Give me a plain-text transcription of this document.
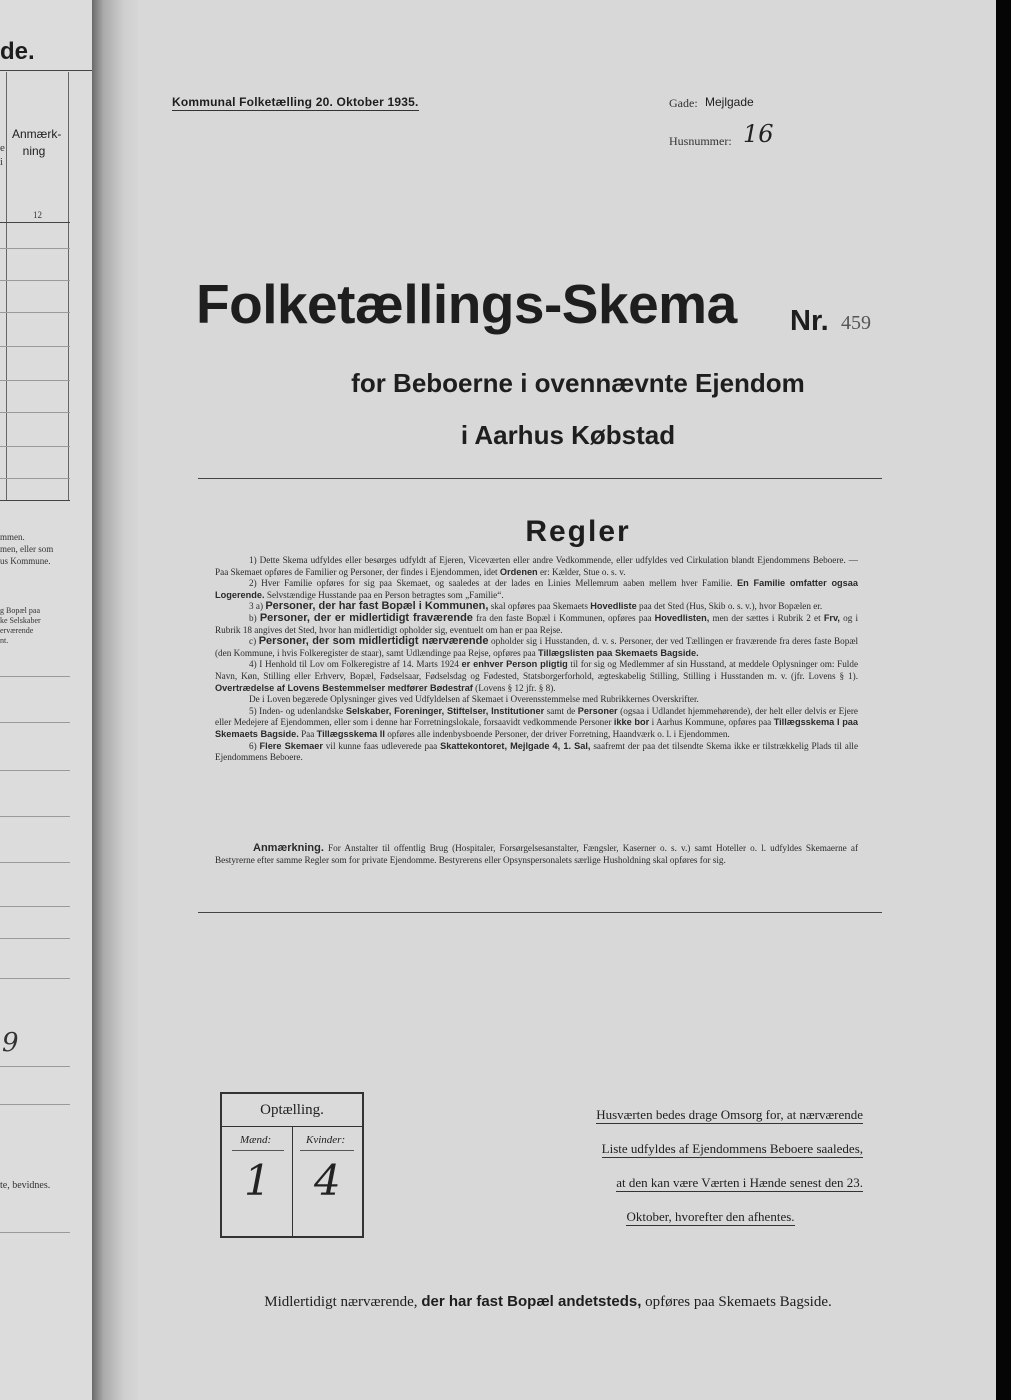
de.
e
i
Anmærk-
ning
12
mmen.
men, eller som
us Kommune.
g Bopæl paa
ke Selskaber
erværende
nt.
9
te, bevidnes.
Kommunal Folketælling 20. Oktober 1935.	Gade: Mejlgade
Husnummer: 16
Folketællings-Skema Nr. 459
for Beboerne i ovennævnte Ejendom
i Aarhus Købstad
Regler

1) Dette Skema udfyldes eller besørges udfyldt af Ejeren, Viceværten eller andre Vedkommende, eller udfyldes ved Cirkulation blandt Ejendommens Beboere. — Paa Skemaet opføres de Familier og Personer, der findes i Ejendommen, idet Ordenen er: Kælder, Stue o. s. v.

2) Hver Familie opføres for sig paa Skemaet, og saaledes at der lades en Linies Mellemrum aaben mellem hver Familie. En Familie omfatter ogsaa Logerende. Selvstændige Husstande paa en Person betragtes som „Familie“.

3 a) Personer, der har fast Bopæl i Kommunen, skal opføres paa Skemaets Hovedliste paa det Sted (Hus, Skib o. s. v.), hvor Bopælen er.

b) Personer, der er midlertidigt fraværende fra den faste Bopæl i Kommunen, opføres paa Hovedlisten, men der sættes i Rubrik 2 et Frv, og i Rubrik 18 angives det Sted, hvor han midlertidigt opholder sig, eventuelt om han er paa Rejse.

c) Personer, der som midlertidigt nærværende opholder sig i Husstanden, d. v. s. Personer, der ved Tællingen er fraværende fra deres faste Bopæl (den Kommune, i hvis Folkeregister de staar), samt Udlændinge paa Rejse, opføres paa Tillægslisten paa Skemaets Bagside.

4) I Henhold til Lov om Folkeregistre af 14. Marts 1924 er enhver Person pligtig til for sig og Medlemmer af sin Husstand, at meddele Oplysninger om: Fulde Navn, Køn, Stilling eller Erhverv, Bopæl, Fødselsaar, Fødselsdag og Fødested, Statsborgerforhold, ægteskabelig Stilling, Stilling i Husstanden m. v. (jfr. Lovens § 1). Overtrædelse af Lovens Bestemmelser medfører Bødestraf (Lovens § 12 jfr. § 8).

De i Loven begærede Oplysninger gives ved Udfyldelsen af Skemaet i Overensstemmelse med Rubrikkernes Overskrifter.

5) Inden- og udenlandske Selskaber, Foreninger, Stiftelser, Institutioner samt de Personer (ogsaa i Udlandet hjemmehørende), der helt eller delvis er Ejere eller Medejere af Ejendommen, eller som i denne har Forretningslokale, forsaavidt vedkommende Personer ikke bor i Aarhus Kommune, opføres paa Tillægsskema I paa Skemaets Bagside. Paa Tillægsskema II opføres alle indenbysboende Personer, der driver Forretning, Haandværk o. l. i Ejendommen.

6) Flere Skemaer vil kunne faas udleverede paa Skattekontoret, Mejlgade 4, 1. Sal, saafremt der paa det tilsendte Skema ikke er tilstrækkelig Plads til alle Ejendommens Beboere.

Anmærkning. For Anstalter til offentlig Brug (Hospitaler, Forsørgelsesanstalter, Fængsler, Kaserner o. s. v.) samt Hoteller o. l. udfyldes Skemaerne af Bestyrerne efter samme Regler som for private Ejendomme. Bestyrerens eller Opsynspersonalets særlige Husholdning skal opføres for sig.
Optælling.
Mænd:	Kvinder:
1 4
Husværten bedes drage Omsorg for, at nærværende
Liste udfyldes af Ejendommens Beboere saaledes,
at den kan være Værten i Hænde senest den 23.
Oktober, hvorefter den afhentes.
Midlertidigt nærværende, der har fast Bopæl andetsteds, opføres paa Skemaets Bagside.
